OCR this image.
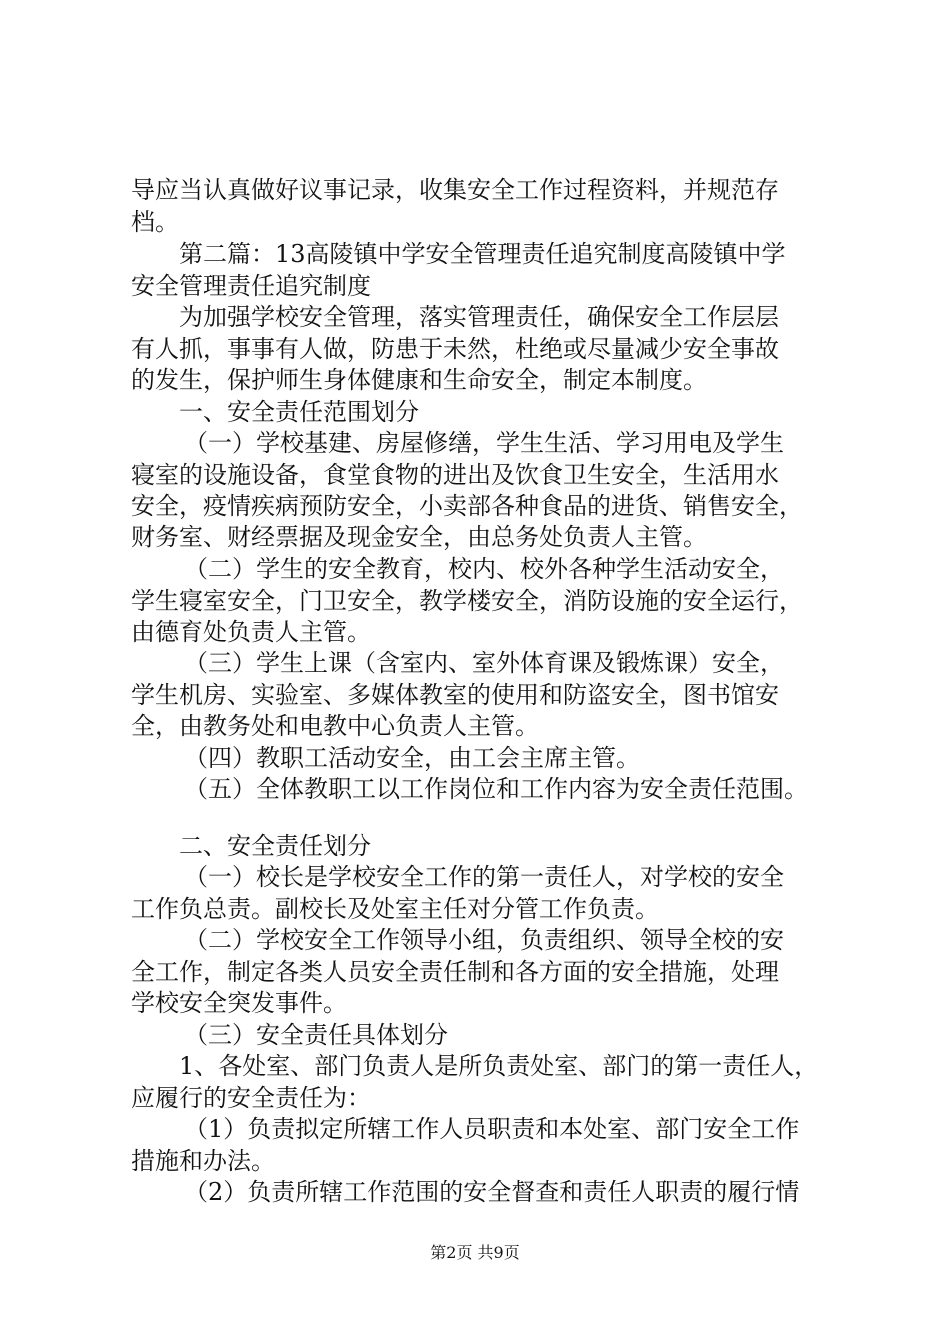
导应当认真做好议事记录，收集安全工作过程资料，并规范存
档。
第二篇：13高陵镇中学安全管理责任追究制度高陵镇中学
安全管理责任追究制度
为加强学校安全管理，落实管理责任，确保安全工作层层
有人抓，事事有人做，防患于未然，杜绝或尽量减少安全事故
的发生，保护师生身体健康和生命安全，制定本制度。
一、安全责任范围划分
（一）学校基建、房屋修缮，学生生活、学习用电及学生
寝室的设施设备，食堂食物的进出及饮食卫生安全，生活用水
安全，疫情疾病预防安全，小卖部各种食品的进货、销售安全，
财务室、财经票据及现金安全，由总务处负责人主管。
（二）学生的安全教育，校内、校外各种学生活动安全，
学生寝室安全，门卫安全，教学楼安全，消防设施的安全运行，
由德育处负责人主管。
（三）学生上课（含室内、室外体育课及锻炼课）安全，
学生机房、实验室、多媒体教室的使用和防盗安全，图书馆安
全，由教务处和电教中心负责人主管。
（四）教职工活动安全，由工会主席主管。
（五）全体教职工以工作岗位和工作内容为安全责任范围。
二、安全责任划分
（一）校长是学校安全工作的第一责任人，对学校的安全
工作负总责。副校长及处室主任对分管工作负责。
（二）学校安全工作领导小组，负责组织、领导全校的安
全工作，制定各类人员安全责任制和各方面的安全措施，处理
学校安全突发事件。
（三）安全责任具体划分
1、各处室、部门负责人是所负责处室、部门的第一责任人，
应履行的安全责任为：
（1）负责拟定所辖工作人员职责和本处室、部门安全工作
措施和办法。
（2）负责所辖工作范围的安全督查和责任人职责的履行情
第2页 共9页
